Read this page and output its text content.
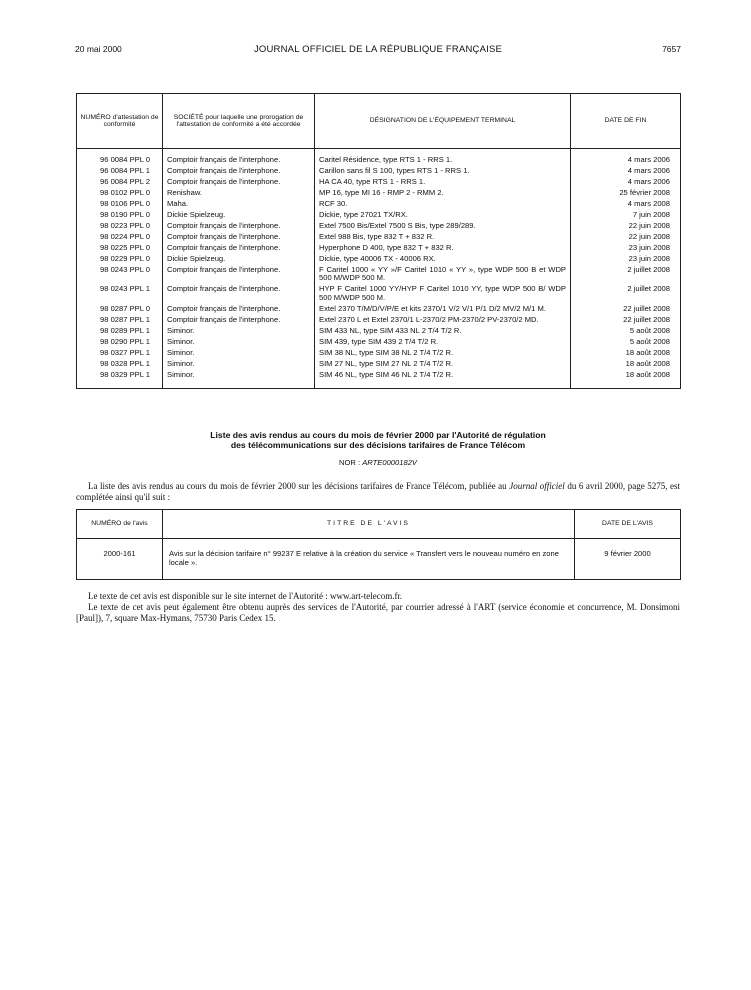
20 mai 2000	JOURNAL OFFICIEL DE LA RÉPUBLIQUE FRANÇAISE	7657
NUMÉRO d'attestation de conformité	SOCIÉTÉ pour laquelle une prorogation de l'attestation de conformité a été accordée	DÉSIGNATION DE L'ÉQUIPEMENT TERMINAL	DATE DE FIN
96 0084 PPL 0	Comptoir français de l'interphone.	Caritel Résidence, type RTS 1 - RRS 1.	4 mars 2006
96 0084 PPL 1	Comptoir français de l'interphone.	Carillon sans fil S 100, types RTS 1 - RRS 1.	4 mars 2006
96 0084 PPL 2	Comptoir français de l'interphone.	HA CA 40, type RTS 1 - RRS 1.	4 mars 2006
98 0102 PPL 0	Renishaw.	MP 16, type MI 16 - RMP 2 - RMM 2.	25 février 2008
98 0106 PPL 0	Maha.	RCF 30.	4 mars 2008
98 0190 PPL 0	Dickie Spielzeug.	Dickie, type 27021 TX/RX.	7 juin 2008
98 0223 PPL 0	Comptoir français de l'interphone.	Extel 7500 Bis/Extel 7500 S Bis, type 289/289.	22 juin 2008
98 0224 PPL 0	Comptoir français de l'interphone.	Extel 988 Bis, type 832 T + 832 R.	22 juin 2008
98 0225 PPL 0	Comptoir français de l'interphone.	Hyperphone D 400, type 832 T + 832 R.	23 juin 2008
98 0229 PPL 0	Dickie Spielzeug.	Dickie, type 40006 TX - 40006 RX.	23 juin 2008
98 0243 PPL 0	Comptoir français de l'interphone.	F Caritel 1000 « YY »/F Caritel 1010 « YY », type WDP 500 B et WDP 500 M/WDP 500 M.	2 juillet 2008
98 0243 PPL 1	Comptoir français de l'interphone.	HYP F Caritel 1000 YY/HYP F Caritel 1010 YY, type WDP 500 B/ WDP 500 M/WDP 500 M.	2 juillet 2008
98 0287 PPL 0	Comptoir français de l'interphone.	Extel 2370 T/M/D/V/P/E et kits 2370/1 V/2 V/1 P/1 D/2 MV/2 M/1 M.	22 juillet 2008
98 0287 PPL 1	Comptoir français de l'interphone.	Extel 2370 L et Extel 2370/1 L-2370/2 PM-2370/2 PV-2370/2 MD.	22 juillet 2008
98 0289 PPL 1	Siminor.	SIM 433 NL, type SIM 433 NL 2 T/4 T/2 R.	5 août 2008
98 0290 PPL 1	Siminor.	SIM 439, type SIM 439 2 T/4 T/2 R.	5 août 2008
98 0327 PPL 1	Siminor.	SIM 38 NL, type SIM 38 NL 2 T/4 T/2 R.	18 août 2008
98 0328 PPL 1	Siminor.	SIM 27 NL, type SIM 27 NL 2 T/4 T/2 R.	18 août 2008
98 0329 PPL 1	Siminor.	SIM 46 NL, type SIM 46 NL 2 T/4 T/2 R.	18 août 2008
Liste des avis rendus au cours du mois de février 2000 par l'Autorité de régulation
des télécommunications sur des décisions tarifaires de France Télécom
NOR : ARTE0000182V

La liste des avis rendus au cours du mois de février 2000 sur les décisions tarifaires de France Télécom, publiée au Journal officiel du 6 avril 2000, page 5275, est complétée ainsi qu'il suit :

NUMÉRO de l'avis	TITRE DE L'AVIS	DATE DE L'AVIS
2000-161	Avis sur la décision tarifaire n° 99237 E relative à la création du service « Transfert vers le nouveau numéro en zone locale ».	9 février 2000

Le texte de cet avis est disponible sur le site internet de l'Autorité : www.art-telecom.fr.

Le texte de cet avis peut également être obtenu auprès des services de l'Autorité, par courrier adressé à l'ART (service économie et concurrence, M. Donsimoni [Paul]), 7, square Max-Hymans, 75730 Paris Cedex 15.
